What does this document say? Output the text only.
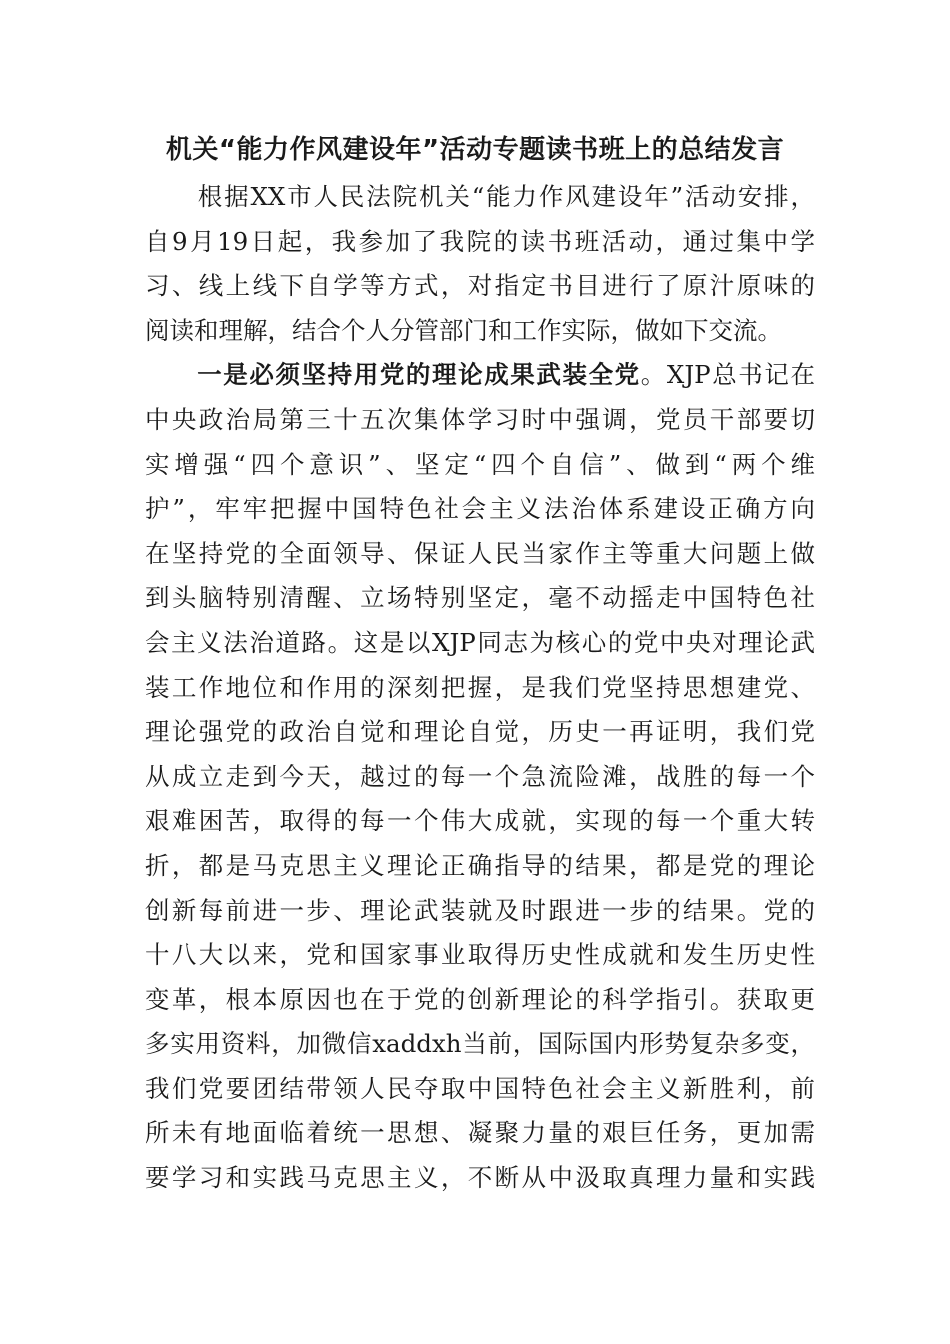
机关“能力作风建设年”活动专题读书班上的总结发言
　　根据XX市人民法院机关“能力作风建设年”活动安排，
自9月19日起，我参加了我院的读书班活动，通过集中学
习、线上线下自学等方式，对指定书目进行了原汁原味的
阅读和理解，结合个人分管部门和工作实际，做如下交流。
　　一是必须坚持用党的理论成果武装全党。XJP总书记在
中央政治局第三十五次集体学习时中强调，党员干部要切
实增强“四个意识”、坚定“四个自信”、做到“两个维
护”，牢牢把握中国特色社会主义法治体系建设正确方向
在坚持党的全面领导、保证人民当家作主等重大问题上做
到头脑特别清醒、立场特别坚定，毫不动摇走中国特色社
会主义法治道路。这是以XJP同志为核心的党中央对理论武
装工作地位和作用的深刻把握，是我们党坚持思想建党、
理论强党的政治自觉和理论自觉，历史一再证明，我们党
从成立走到今天，越过的每一个急流险滩，战胜的每一个
艰难困苦，取得的每一个伟大成就，实现的每一个重大转
折，都是马克思主义理论正确指导的结果，都是党的理论
创新每前进一步、理论武装就及时跟进一步的结果。党的
十八大以来，党和国家事业取得历史性成就和发生历史性
变革，根本原因也在于党的创新理论的科学指引。获取更
多实用资料，加微信xaddxh当前，国际国内形势复杂多变，
我们党要团结带领人民夺取中国特色社会主义新胜利，前
所未有地面临着统一思想、凝聚力量的艰巨任务，更加需
要学习和实践马克思主义，不断从中汲取真理力量和实践
